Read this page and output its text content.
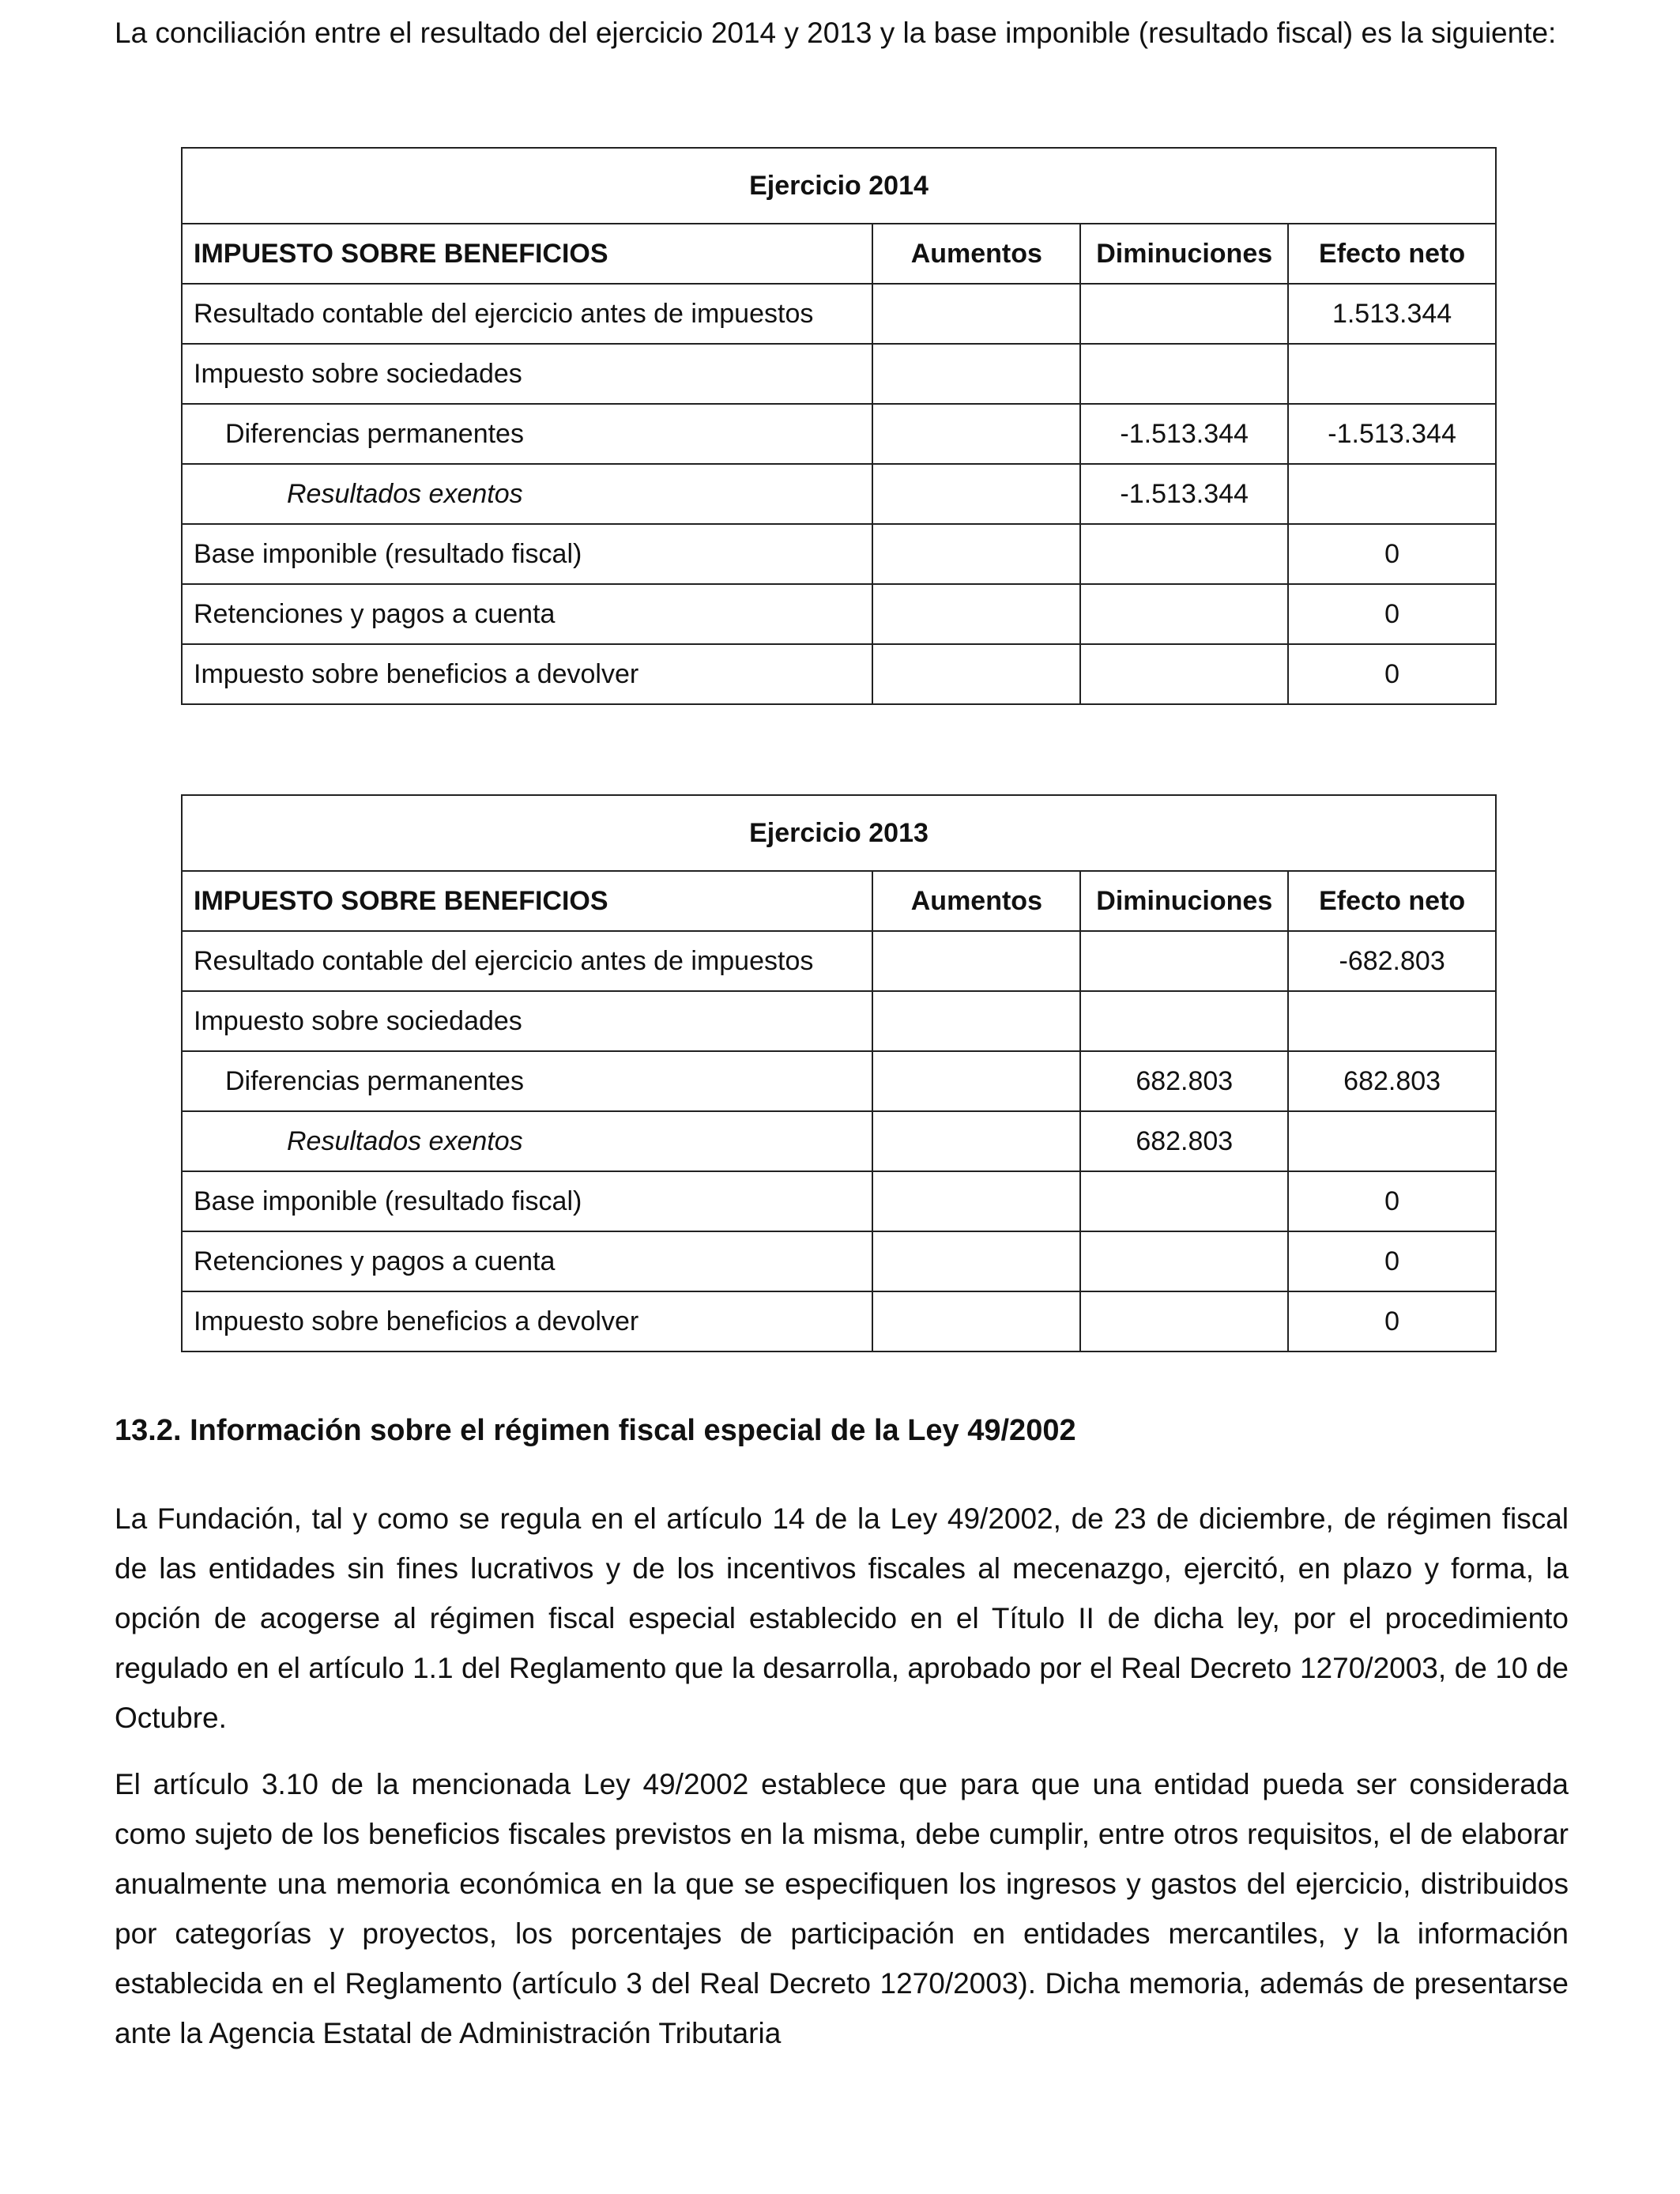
La conciliación entre el resultado del ejercicio 2014 y 2013 y la base imponible (resultado fiscal) es la siguiente:

Ejercicio 2014			
IMPUESTO SOBRE BENEFICIOS	Aumentos	Diminuciones	Efecto neto
Resultado contable del ejercicio antes de impuestos			1.513.344
Impuesto sobre sociedades			
Diferencias permanentes		-1.513.344	-1.513.344
Resultados exentos		-1.513.344	
Base imponible (resultado fiscal)			0
Retenciones y pagos a cuenta			0
Impuesto sobre beneficios a devolver			0
Ejercicio 2013			
IMPUESTO SOBRE BENEFICIOS	Aumentos	Diminuciones	Efecto neto
Resultado contable del ejercicio antes de impuestos			-682.803
Impuesto sobre sociedades			
Diferencias permanentes		682.803	682.803
Resultados exentos		682.803	
Base imponible (resultado fiscal)			0
Retenciones y pagos a cuenta			0
Impuesto sobre beneficios a devolver			0
13.2. Información sobre el régimen fiscal especial de la Ley 49/2002

La Fundación, tal y como se regula en el artículo 14 de la Ley 49/2002, de 23 de diciembre, de régimen fiscal de las entidades sin fines lucrativos y de los incentivos fiscales al mecenazgo, ejercitó, en plazo y forma, la opción de acogerse al régimen fiscal especial establecido en el Título II de dicha ley, por el procedimiento regulado en el artículo 1.1 del Reglamento que la desarrolla, aprobado por el Real Decreto 1270/2003, de 10 de Octubre.

El artículo 3.10 de la mencionada Ley 49/2002 establece que para que una entidad pueda ser considerada como sujeto de los beneficios fiscales previstos en la misma, debe cumplir, entre otros requisitos, el de elaborar anualmente una memoria económica en la que se especifiquen los ingresos y gastos del ejercicio, distribuidos por categorías y proyectos, los porcentajes de participación en entidades mercantiles, y la información establecida en el Reglamento (artículo 3 del Real Decreto 1270/2003). Dicha memoria, además de presentarse ante la Agencia Estatal de Administración Tributaria
